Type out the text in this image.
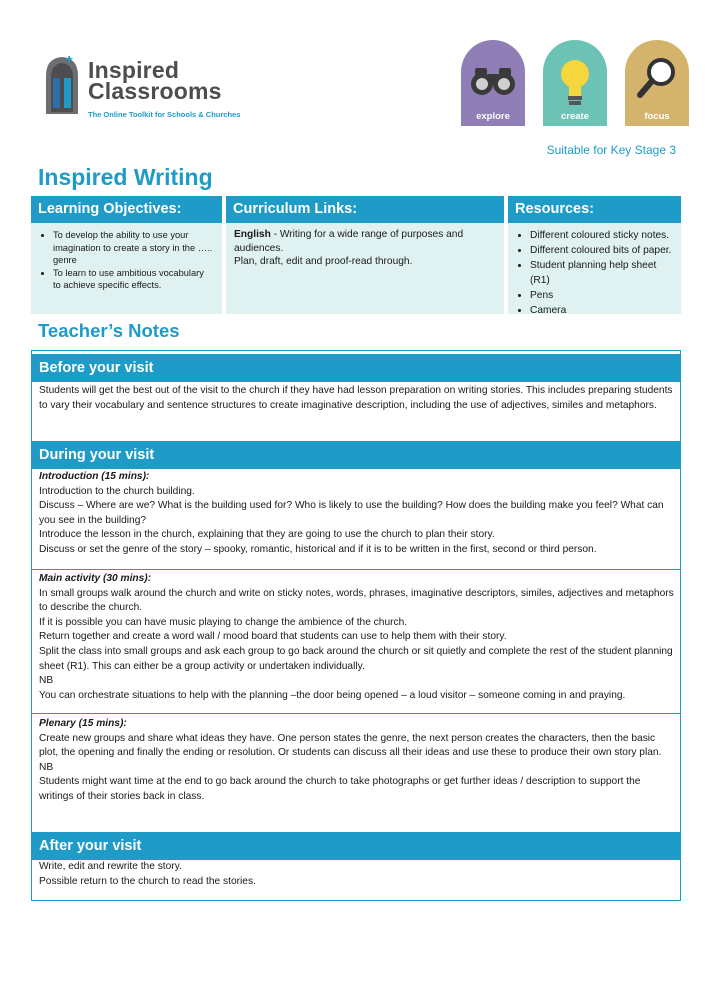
Inspired
Classrooms
The Online Toolkit for Schools & Churches	explore	create	focus
Suitable for Key Stage 3
Inspired Writing
Learning Objectives:
• To develop the ability to use your imagination to create a story in the ….. genre
• To learn to use ambitious vocabulary to achieve specific effects.
Curriculum Links:
English - Writing for a wide range of purposes and audiences.
Plan, draft, edit and proof-read through.
Resources:
• Different coloured sticky notes.
• Different coloured bits of paper.
• Student planning help sheet (R1)
• Pens
• Camera
Teacher’s Notes
Before your visit
Students will get the best out of the visit to the church if they have had lesson preparation on writing stories. This includes preparing students to vary their vocabulary and sentence structures to create imaginative description, including the use of adjectives, similes and metaphors.
During your visit

Introduction (15 mins):

Introduction to the church building.

Discuss – Where are we? What is the building used for? Who is likely to use the building? How does the building make you feel? What can you see in the building?

Introduce the lesson in the church, explaining that they are going to use the church to plan their story.

Discuss or set the genre of the story – spooky, romantic, historical and if it is to be written in the first, second or third person.

Main activity (30 mins):

In small groups walk around the church and write on sticky notes, words, phrases, imaginative descriptors, similes, adjectives and metaphors to describe the church.

If it is possible you can have music playing to change the ambience of the church.

Return together and create a word wall / mood board that students can use to help them with their story.

Split the class into small groups and ask each group to go back around the church or sit quietly and complete the rest of the student planning sheet (R1). This can either be a group activity or undertaken individually.

NB

You can orchestrate situations to help with the planning –the door being opened – a loud visitor – someone coming in and praying.

Plenary (15 mins):

Create new groups and share what ideas they have. One person states the genre, the next person creates the characters, then the basic plot, the opening and finally the ending or resolution. Or students can discuss all their ideas and use these to produce their own story plan.

NB

Students might want time at the end to go back around the church to take photographs or get further ideas / description to support the writings of their stories back in class.

After your visit

Write, edit and rewrite the story.

Possible return to the church to read the stories.
